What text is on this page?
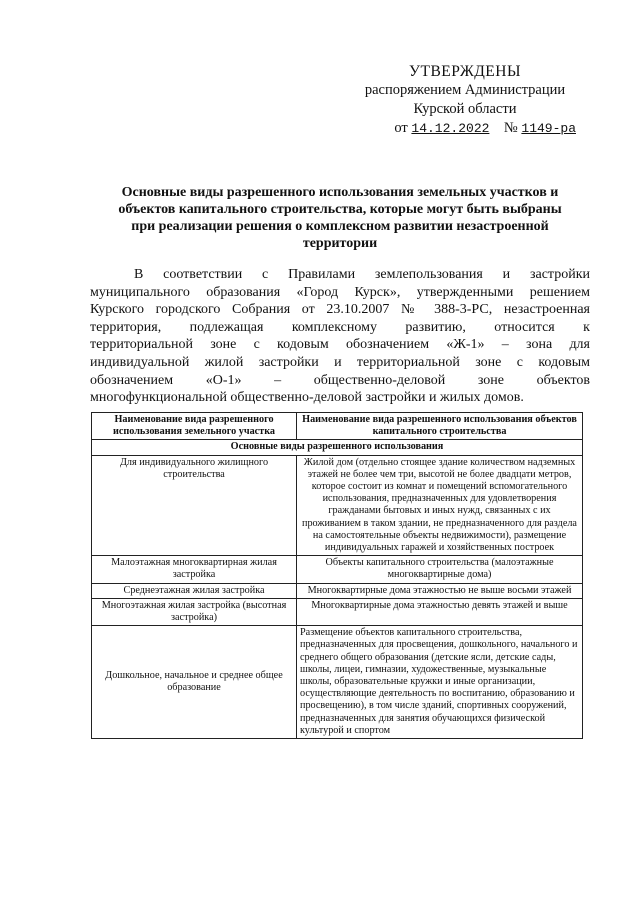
УТВЕРЖДЕНЫ
распоряжением Администрации
Курской области
от 14.12.2022 № 1149-ра
Основные виды разрешенного использования земельных участков и
объектов капитального строительства, которые могут быть выбраны
при реализации решения о комплексном развитии незастроенной
территории
В соответствии с Правилами землепользования и застройки
муниципального образования «Город Курск», утвержденными решением
Курского городского Собрания от 23.10.2007 № 388-3-РС, незастроенная
территория, подлежащая комплексному развитию, относится к
территориальной зоне с кодовым обозначением «Ж-1» – зона для
индивидуальной жилой застройки и территориальной зоне с кодовым
обозначением «О-1» – общественно-деловой зоне объектов
многофункциональной общественно-деловой застройки и жилых домов.
Наименование вида разрешенного использования земельного участка	Наименование вида разрешенного использования объектов капитального строительства
Основные виды разрешенного использования	
Для индивидуального жилищного строительства	Жилой дом (отдельно стоящее здание количеством надземных этажей не более чем три, высотой не более двадцати метров, которое состоит из комнат и помещений вспомогательного использования, предназначенных для удовлетворения гражданами бытовых и иных нужд, связанных с их проживанием в таком здании, не предназначенного для раздела на самостоятельные объекты недвижимости), размещение индивидуальных гаражей и хозяйственных построек
Малоэтажная многоквартирная жилая застройка	Объекты капитального строительства (малоэтажные многоквартирные дома)
Среднеэтажная жилая застройка	Многоквартирные дома этажностью не выше восьми этажей
Многоэтажная жилая застройка (высотная застройка)	Многоквартирные дома этажностью девять этажей и выше
Дошкольное, начальное и среднее общее образование	Размещение объектов капитального строительства, предназначенных для просвещения, дошкольного, начального и среднего общего образования (детские ясли, детские сады, школы, лицеи, гимназии, художественные, музыкальные школы, образовательные кружки и иные организации, осуществляющие деятельность по воспитанию, образованию и просвещению), в том числе зданий, спортивных сооружений, предназначенных для занятия обучающихся физической культурой и спортом
